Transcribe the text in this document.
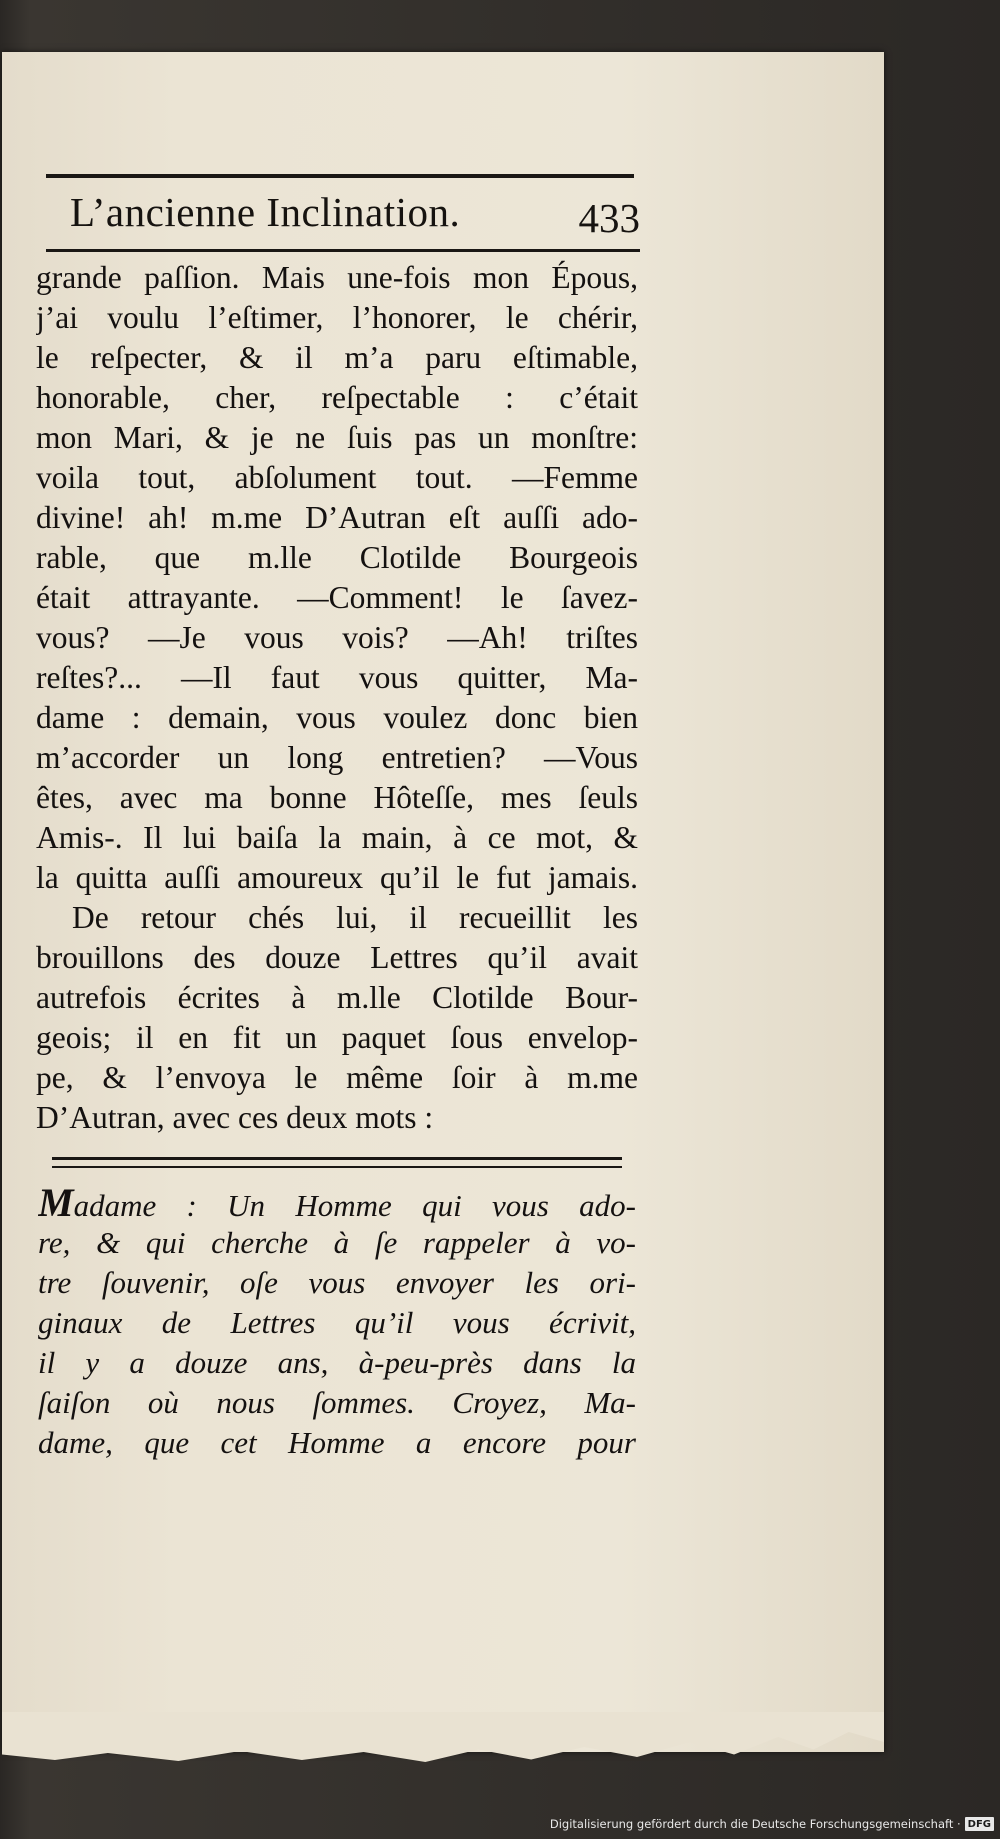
L’ancienne Inclination.	433
grande paſſion. Mais une-fois mon Épous,
j’ai voulu l’eſtimer, l’honorer, le chérir,
le reſpecter, & il m’a paru eſtimable,
honorable, cher, reſpectable : c’était
mon Mari, & je ne ſuis pas un monſtre:
voila tout, abſolument tout. —Femme
divine! ah! m.me D’Autran eſt auſſi ado-
rable, que m.lle Clotilde Bourgeois
était attrayante. —Comment! le ſavez-
vous? —Je vous vois? —Ah! triſtes
reſtes?... —Il faut vous quitter, Ma-
dame : demain, vous voulez donc bien
m’accorder un long entretien? —Vous
êtes, avec ma bonne Hôteſſe, mes ſeuls
Amis-. Il lui baiſa la main, à ce mot, &
la quitta auſſi amoureux qu’il le fut jamais.
De retour chés lui, il recueillit les
brouillons des douze Lettres qu’il avait
autrefois écrites à m.lle Clotilde Bour-
geois; il en fit un paquet ſous envelop-
pe, & l’envoya le même ſoir à m.me
D’Autran, avec ces deux mots :
Madame : Un Homme qui vous ado-
re, & qui cherche à ſe rappeler à vo-
tre ſouvenir, oſe vous envoyer les ori-
ginaux de Lettres qu’il vous écrivit,
il y a douze ans, à-peu-près dans la
ſaiſon où nous ſommes. Croyez, Ma-
dame, que cet Homme a encore pour
Digitalisierung gefördert durch die Deutsche Forschungsgemeinschaft · DFG
